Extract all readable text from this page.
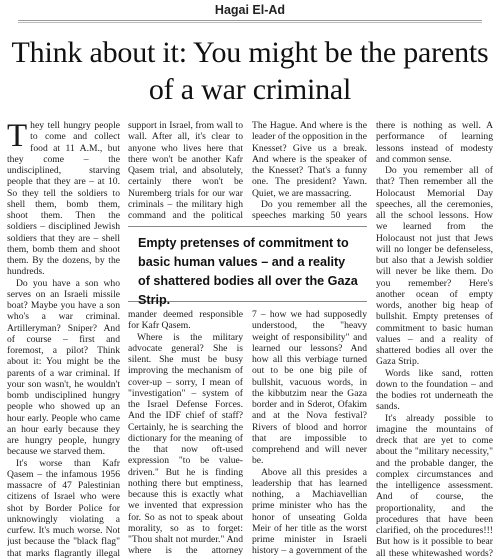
Hagai El-Ad
Think about it: You might be the parents of a war criminal

They tell hungry people to come and collect food at 11 A.M., but they come – the undisciplined, starving people that they are – at 10. So they tell the soldiers to shell them, bomb them, shoot them. Then the soldiers – disciplined Jewish soldiers that they are – shell them, bomb them and shoot them. By the dozens, by the hundreds.

Do you have a son who serves on an Israeli missile boat? Maybe you have a son who's a war criminal. Artilleryman? Sniper? And of course – first and foremost, a pilot? Think about it: You might be the parents of a war criminal. If your son wasn't, he wouldn't bomb undisciplined hungry people who showed up an hour early. People who came an hour early because they are hungry people, hungry because we starved them.

It's worse than Kafr Qasem – the infamous 1956 massacre of 47 Palestinian citizens of Israel who were shot by Border Police for unknowingly violating a curfew. It's much worse. Not just because the "black flag" that marks flagrantly illegal

support in Israel, from wall to wall. After all, it's clear to anyone who lives here that there won't be another Kafr Qasem trial, and absolutely, certainly there won't be Nuremberg trials for our war criminals – the military high command and the political

The Hague. And where is the leader of the opposition in the Knesset? Give us a break. And where is the speaker of the Knesset? That's a funny one. The president? Yawn. Quiet, we are massacring.

Do you remember all the speeches marking 50 years

Empty pretenses of commitment to basic human values – and a reality of shattered bodies all over the Gaza Strip.

mander deemed responsible for Kafr Qasem.

Where is the military advocate general? She is silent. She must be busy improving the mechanism of cover-up – sorry, I mean of "investigation" – system of the Israel Defense Forces. And the IDF chief of staff? Certainly, he is searching the dictionary for the meaning of the that now oft-used expression "to be value-driven." But he is finding nothing there but emptiness, because this is exactly what we invented that expression for. So as not to speak about morality, so as to forget: "Thou shalt not murder." And where is the attorney

7 – how we had supposedly understood, the "heavy weight of responsibility" and learned our lessons? And how all this verbiage turned out to be one big pile of bullshit, vacuous words, in the kibbutzim near the Gaza border and in Sderot, Ofakim and at the Nova festival? Rivers of blood and horror that are impossible to comprehend and will never be.

Above all this presides a leadership that has learned nothing, a Machiavellian prime minister who has the honor of unseating Golda Meir of her title as the worst prime minister in Israeli history – a government of the

there is nothing as well. A performance of learning lessons instead of modesty and common sense.

Do you remember all of that? Then remember all the Holocaust Memorial Day speeches, all the ceremonies, all the school lessons. How we learned from the Holocaust not just that Jews will no longer be defenseless, but also that a Jewish soldier will never be like them. Do you remember? Here's another ocean of empty words, another big heap of bullshit. Empty pretenses of commitment to basic human values – and a reality of shattered bodies all over the Gaza Strip.

Words like sand, rotten down to the foundation – and the bodies rot underneath the sands.

It's already possible to imagine the mountains of dreck that are yet to come about the "military necessity," and the probable danger, the complex circumstances and the intelligence assessment. And of course, the proportionality, and the procedures that have been clarified, oh the procedures!!! But how is it possible to bear all these whitewashed words?
